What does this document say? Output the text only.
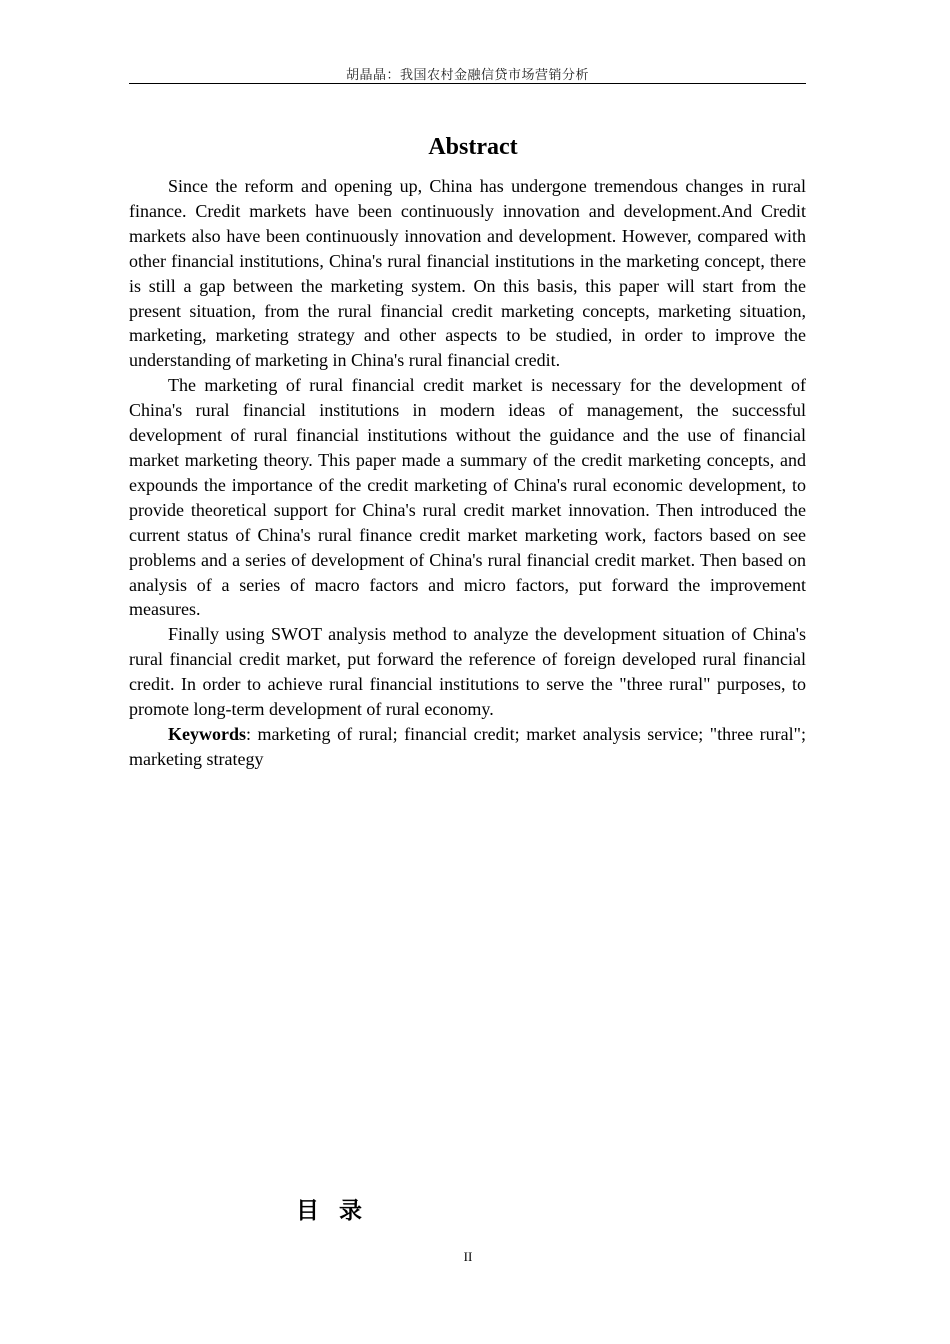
胡晶晶：我国农村金融信贷市场营销分析
Abstract

Since the reform and opening up, China has undergone tremendous changes in rural finance. Credit markets have been continuously innovation and development.And Credit markets also have been continuously innovation and development. However, compared with other financial institutions, China's rural financial institutions in the marketing concept, there is still a gap between the marketing system. On this basis, this paper will start from the present situation, from the rural financial credit marketing concepts, marketing situation, marketing, marketing strategy and other aspects to be studied, in order to improve the understanding of marketing in China's rural financial credit.

The marketing of rural financial credit market is necessary for the development of China's rural financial institutions in modern ideas of management, the successful development of rural financial institutions without the guidance and the use of financial market marketing theory. This paper made a summary of the credit marketing concepts, and expounds the importance of the credit marketing of China's rural economic development, to provide theoretical support for China's rural credit market innovation. Then introduced the current status of China's rural finance credit market marketing work, factors based on see problems and a series of development of China's rural financial credit market. Then based on analysis of a series of macro factors and micro factors, put forward the improvement measures.

Finally using SWOT analysis method to analyze the development situation of China's rural financial credit market, put forward the reference of foreign developed rural financial credit. In order to achieve rural financial institutions to serve the "three rural" purposes, to promote long-term development of rural economy.

Keywords: marketing of rural; financial credit; market analysis service; "three rural"; marketing strategy

目 录
II
